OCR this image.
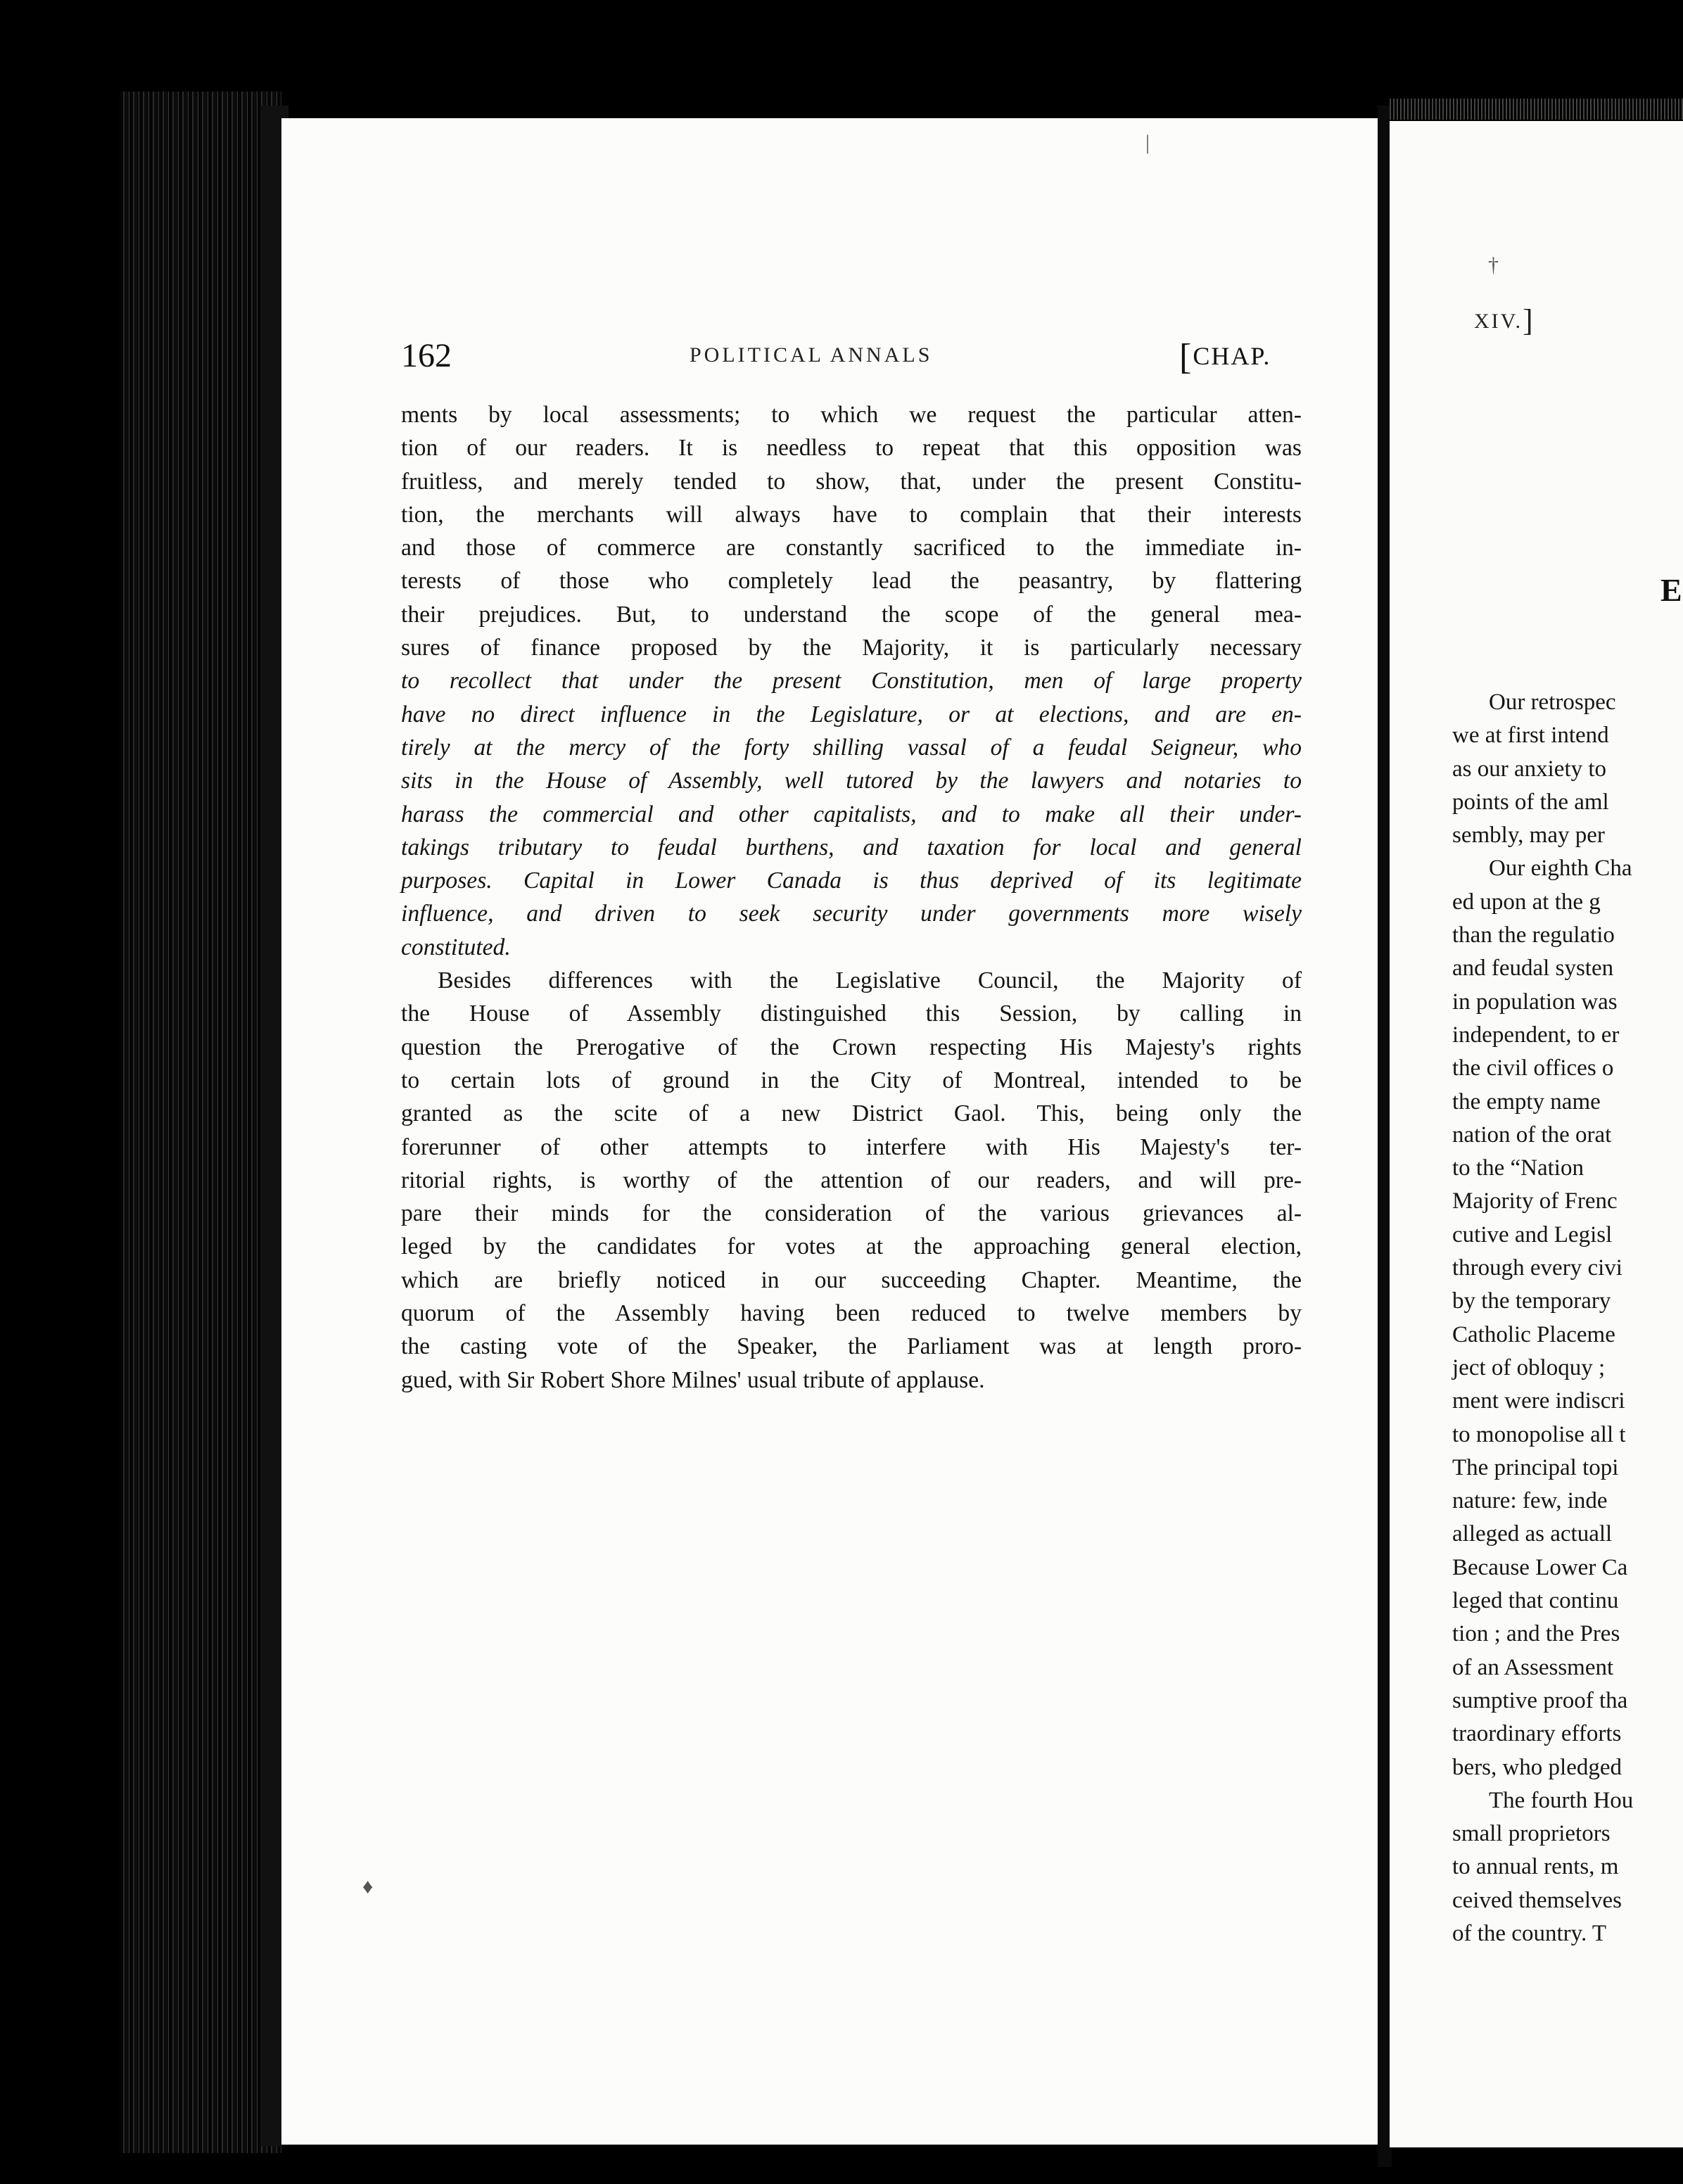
162	POLITICAL ANNALS	[CHAP.
ments by local assessments; to which we request the particular atten-
tion of our readers. It is needless to repeat that this opposition was
fruitless, and merely tended to show, that, under the present Constitu-
tion, the merchants will always have to complain that their interests
and those of commerce are constantly sacrificed to the immediate in-
terests of those who completely lead the peasantry, by flattering
their prejudices. But, to understand the scope of the general mea-
sures of finance proposed by the Majority, it is particularly necessary
to recollect that under the present Constitution, men of large property
have no direct influence in the Legislature, or at elections, and are en-
tirely at the mercy of the forty shilling vassal of a feudal Seigneur, who
sits in the House of Assembly, well tutored by the lawyers and notaries to
harass the commercial and other capitalists, and to make all their under-
takings tributary to feudal burthens, and taxation for local and general
purposes. Capital in Lower Canada is thus deprived of its legitimate
influence, and driven to seek security under governments more wisely
constituted.
Besides differences with the Legislative Council, the Majority of
the House of Assembly distinguished this Session, by calling in
question the Prerogative of the Crown respecting His Majesty's rights
to certain lots of ground in the City of Montreal, intended to be
granted as the scite of a new District Gaol. This, being only the
forerunner of other attempts to interfere with His Majesty's ter-
ritorial rights, is worthy of the attention of our readers, and will pre-
pare their minds for the consideration of the various grievances al-
leged by the candidates for votes at the approaching general election,
which are briefly noticed in our succeeding Chapter. Meantime, the
quorum of the Assembly having been reduced to twelve members by
the casting vote of the Speaker, the Parliament was at length proro-
gued, with Sir Robert Shore Milnes' usual tribute of applause.
XIV.]
E
Our retrospec
we at first intend
as our anxiety to
points of the aml
sembly, may per
Our eighth Cha
ed upon at the g
than the regulatio
and feudal systen
in population was
independent, to er
the civil offices o
the empty name
nation of the orat
to the “Nation
Majority of Frenc
cutive and Legisl
through every civi
by the temporary
Catholic Placeme
ject of obloquy ;
ment were indiscri
to monopolise all t
The principal topi
nature: few, inde
alleged as actuall
Because Lower Ca
leged that continu
tion ; and the Pres
of an Assessment
sumptive proof tha
traordinary efforts
bers, who pledged
The fourth Hou
small proprietors
to annual rents, m
ceived themselves
of the country. T
|
†
♦
